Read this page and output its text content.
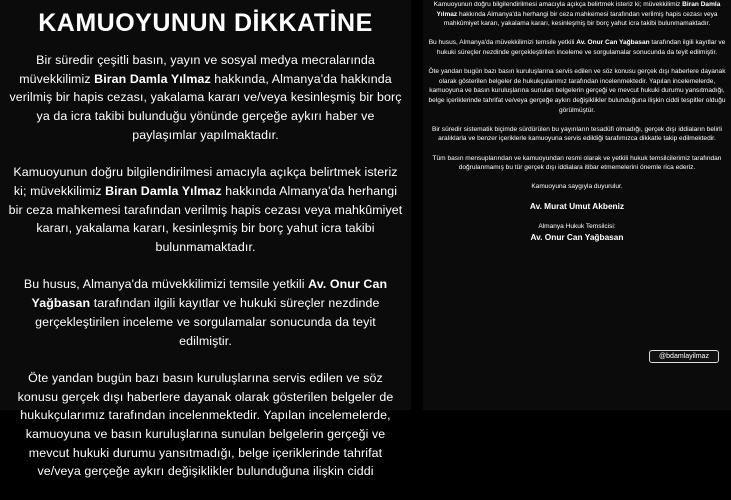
KAMUOYUNUN DİKKATİNE

Bir süredir çeşitli basın, yayın ve sosyal medya mecralarında müvekkilimiz Biran Damla Yılmaz hakkında, Almanya'da hakkında verilmiş bir hapis cezası, yakalama kararı ve/veya kesinleşmiş bir borç ya da icra takibi bulunduğu yönünde gerçeğe aykırı haber ve paylaşımlar yapılmaktadır.

Kamuoyunun doğru bilgilendirilmesi amacıyla açıkça belirtmek isteriz ki; müvekkilimiz Biran Damla Yılmaz hakkında Almanya'da herhangi bir ceza mahkemesi tarafından verilmiş hapis cezası veya mahkûmiyet kararı, yakalama kararı, kesinleşmiş bir borç yahut icra takibi bulunmamaktadır.

Bu husus, Almanya'da müvekkilimizi temsile yetkili Av. Onur Can Yağbasan tarafından ilgili kayıtlar ve hukuki süreçler nezdinde gerçekleştirilen inceleme ve sorgulamalar sonucunda da teyit edilmiştir.

Öte yandan bugün bazı basın kuruluşlarına servis edilen ve söz konusu gerçek dışı haberlere dayanak olarak gösterilen belgeler de hukukçularımız tarafından incelenmektedir. Yapılan incelemelerde, kamuoyuna ve basın kuruluşlarına sunulan belgelerin gerçeği ve mevcut hukuki durumu yansıtmadığı, belge içeriklerinde tahrifat ve/veya gerçeğe aykırı değişiklikler bulunduğuna ilişkin ciddi

Kamuoyunun doğru bilgilendirilmesi amacıyla açıkça belirtmek isteriz ki; müvekkilimiz Biran Damla Yılmaz hakkında Almanya'da herhangi bir ceza mahkemesi tarafından verilmiş hapis cezası veya mahkûmiyet kararı, yakalama kararı, kesinleşmiş bir borç yahut icra takibi bulunmamaktadır.

Bu husus, Almanya'da müvekkilimizi temsile yetkili Av. Onur Can Yağbasan tarafından ilgili kayıtlar ve hukuki süreçler nezdinde gerçekleştirilen inceleme ve sorgulamalar sonucunda da teyit edilmiştir.

Öte yandan bugün bazı basın kuruluşlarına servis edilen ve söz konusu gerçek dışı haberlere dayanak olarak gösterilen belgeler de hukukçularımız tarafından incelenmektedir. Yapılan incelemelerde, kamuoyuna ve basın kuruluşlarına sunulan belgelerin gerçeği ve mevcut hukuki durumu yansıtmadığı, belge içeriklerinde tahrifat ve/veya gerçeğe aykırı değişiklikler bulunduğuna ilişkin ciddi tespitler olduğu görülmüştür.

Bir süredir sistematik biçimde sürdürülen bu yayınların tesadüfi olmadığı, gerçek dışı iddiaların belirli aralıklarla ve benzer içeriklerle kamuoyuna servis edildiği tarafımızca dikkatle takip edilmektedir.

Tüm basın mensuplarından ve kamuoyundan resmi olarak ve yetkili hukuk temsilcilerimiz tarafından doğrulanmamış bu tür gerçek dışı iddialara itibar etmemelerini önemle rica ederiz.

Kamuoyuna saygıyla duyurulur.

Av. Murat Umut Akbeniz

Almanya Hukuk Temsilcisi:

Av. Onur Can Yağbasan

@bdamlayilmaz
